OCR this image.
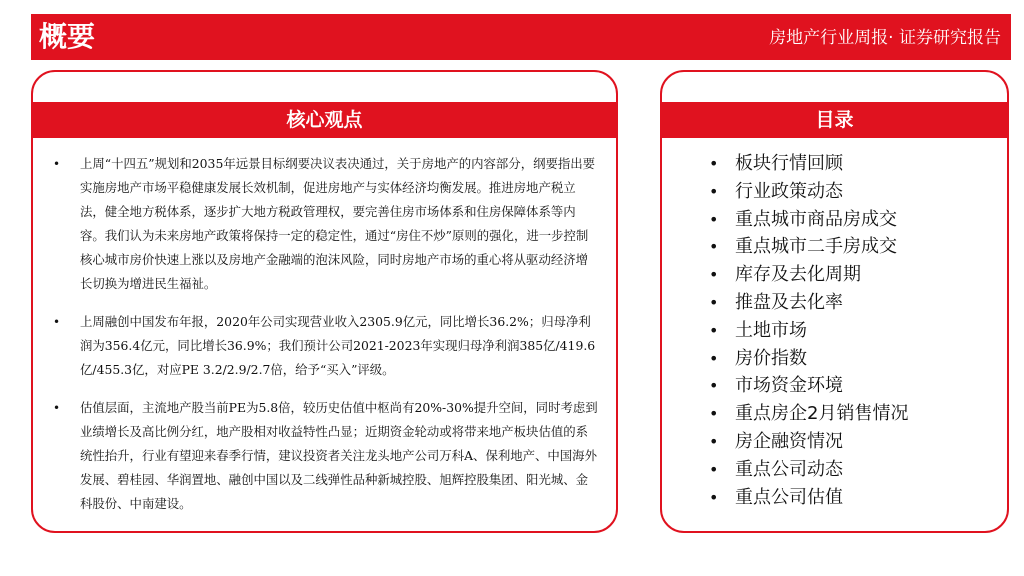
概要	房地产行业周报· 证券研究报告
核心观点
• 上周“十四五”规划和2035年远景目标纲要决议表决通过，关于房地产的内容部分，纲要指出要实施房地产市场平稳健康发展长效机制，促进房地产与实体经济均衡发展。推进房地产税立法，健全地方税体系，逐步扩大地方税政管理权，要完善住房市场体系和住房保障体系等内容。我们认为未来房地产政策将保持一定的稳定性，通过“房住不炒”原则的强化，进一步控制核心城市房价快速上涨以及房地产金融端的泡沫风险，同时房地产市场的重心将从驱动经济增长切换为增进民生福祉。
• 上周融创中国发布年报，2020年公司实现营业收入2305.9亿元，同比增长36.2%；归母净利润为356.4亿元，同比增长36.9%；我们预计公司2021-2023年实现归母净利润385亿/419.6亿/455.3亿，对应PE 3.2/2.9/2.7倍，给予“买入”评级。
• 估值层面，主流地产股当前PE为5.8倍，较历史估值中枢尚有20%-30%提升空间，同时考虑到业绩增长及高比例分红，地产股相对收益特性凸显；近期资金轮动或将带来地产板块估值的系统性抬升，行业有望迎来春季行情，建议投资者关注龙头地产公司万科A、保利地产、中国海外发展、碧桂园、华润置地、融创中国以及二线弹性品种新城控股、旭辉控股集团、阳光城、金科股份、中南建设。
目录
• 板块行情回顾
• 行业政策动态
• 重点城市商品房成交
• 重点城市二手房成交
• 库存及去化周期
• 推盘及去化率
• 土地市场
• 房价指数
• 市场资金环境
• 重点房企2月销售情况
• 房企融资情况
• 重点公司动态
• 重点公司估值
